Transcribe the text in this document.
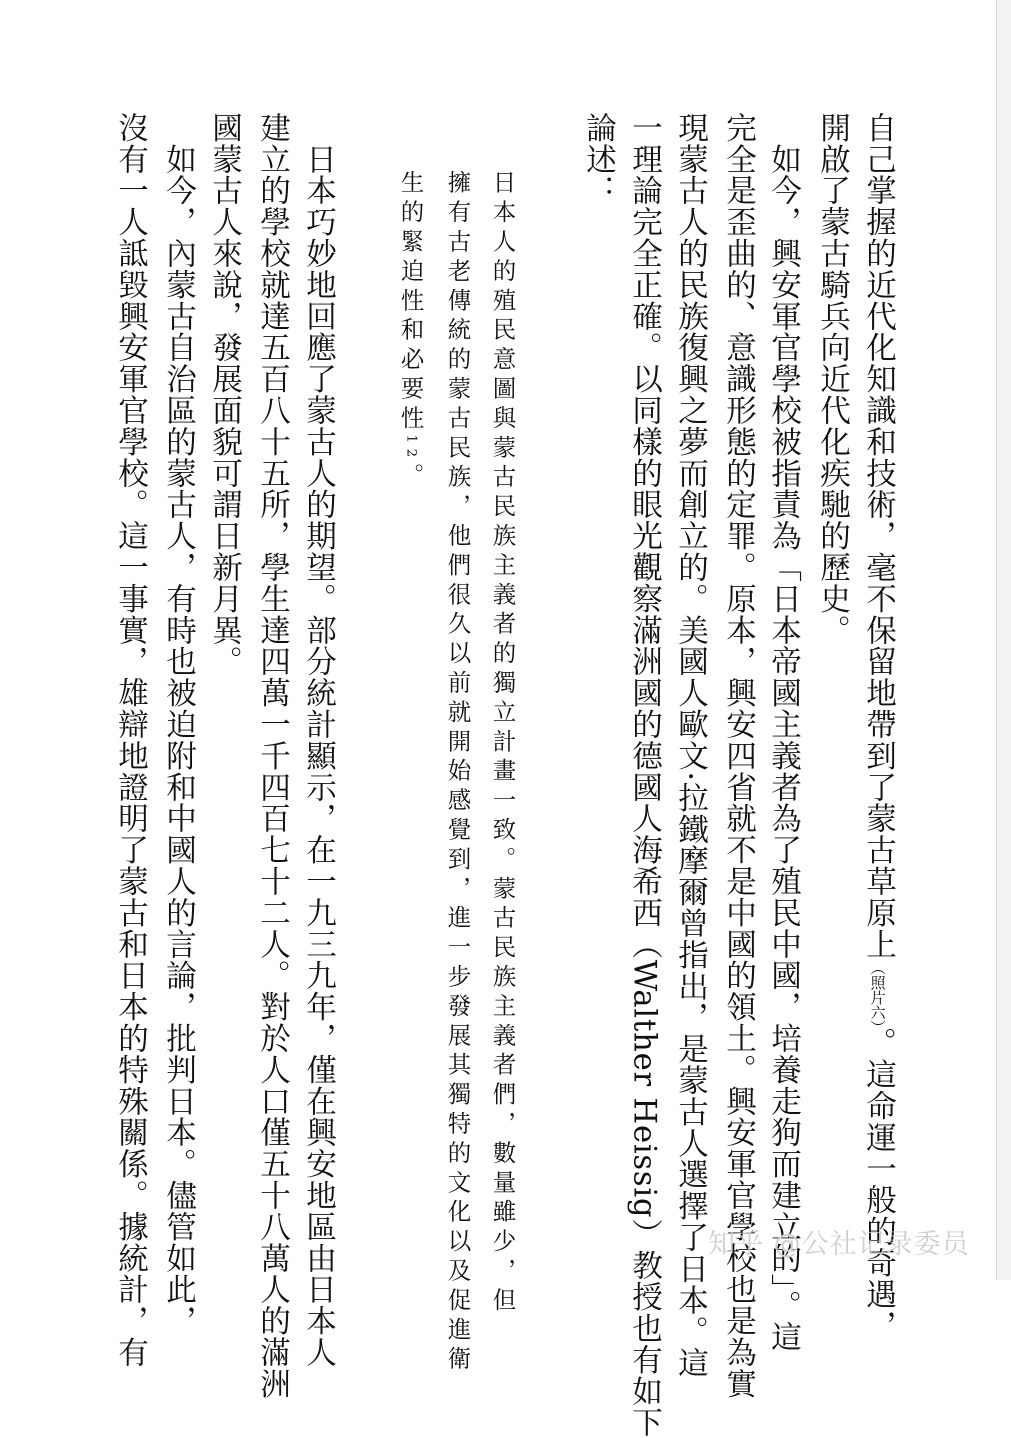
自己掌握的近代化知識和技術，毫不保留地帶到了蒙古草原上（照片六）。這命運一般的奇遇，
開啟了蒙古騎兵向近代化疾馳的歷史。
　如今，興安軍官學校被指責為「日本帝國主義者為了殖民中國，培養走狗而建立的」。這
完全是歪曲的、意識形態的定罪。原本，興安四省就不是中國的領土。興安軍官學校也是為實
現蒙古人的民族復興之夢而創立的。美國人歐文·拉鐵摩爾曾指出，是蒙古人選擇了日本。這
一理論完全正確。以同樣的眼光觀察滿洲國的德國人海希西（Walther Heissig）教授也有如下
論述：
日本人的殖民意圖與蒙古民族主義者的獨立計畫一致。蒙古民族主義者們，數量雖少，但
擁有古老傳統的蒙古民族，他們很久以前就開始感覺到，進一步發展其獨特的文化以及促進衛
生的緊迫性和必要性12。
　日本巧妙地回應了蒙古人的期望。部分統計顯示，在一九三九年，僅在興安地區由日本人
建立的學校就達五百八十五所，學生達四萬一千四百七十二人。對於人口僅五十八萬人的滿洲
國蒙古人來說，發展面貌可謂日新月異。
　如今，內蒙古自治區的蒙古人，有時也被迫附和中國人的言論，批判日本。儘管如此，
沒有一人詆毀興安軍官學校。這一事實，雄辯地證明了蒙古和日本的特殊關係。據統計，有	知乎 @公社记录委员
